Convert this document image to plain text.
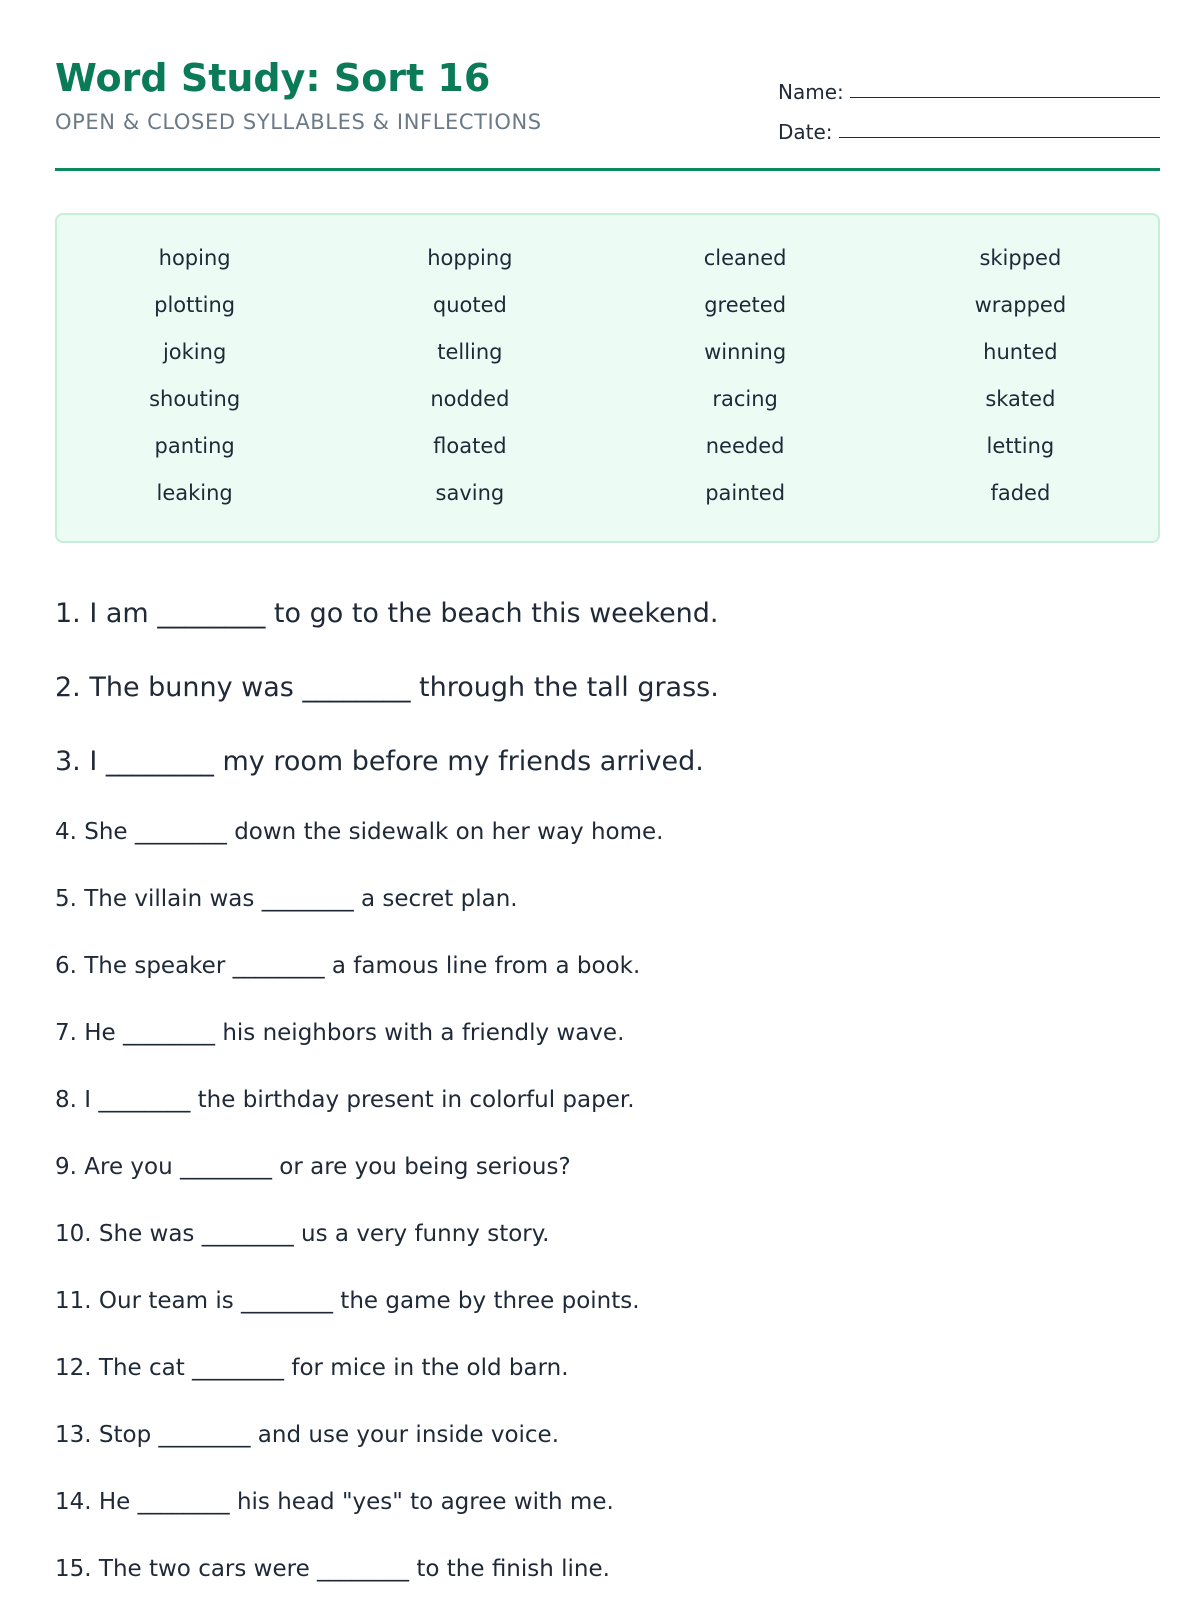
Word Study: Sort 16
OPEN & CLOSED SYLLABLES & INFLECTIONS
Name:
Date:
hoping	hopping	cleaned	skipped
plotting	quoted	greeted	wrapped
joking	telling	winning	hunted
shouting	nodded	racing	skated
panting	floated	needed	letting
leaking	saving	painted	faded
1. I am ________ to go to the beach this weekend.
2. The bunny was ________ through the tall grass.
3. I ________ my room before my friends arrived.
4. She ________ down the sidewalk on her way home.
5. The villain was ________ a secret plan.
6. The speaker ________ a famous line from a book.
7. He ________ his neighbors with a friendly wave.
8. I ________ the birthday present in colorful paper.
9. Are you ________ or are you being serious?
10. She was ________ us a very funny story.
11. Our team is ________ the game by three points.
12. The cat ________ for mice in the old barn.
13. Stop ________ and use your inside voice.
14. He ________ his head "yes" to agree with me.
15. The two cars were ________ to the finish line.
